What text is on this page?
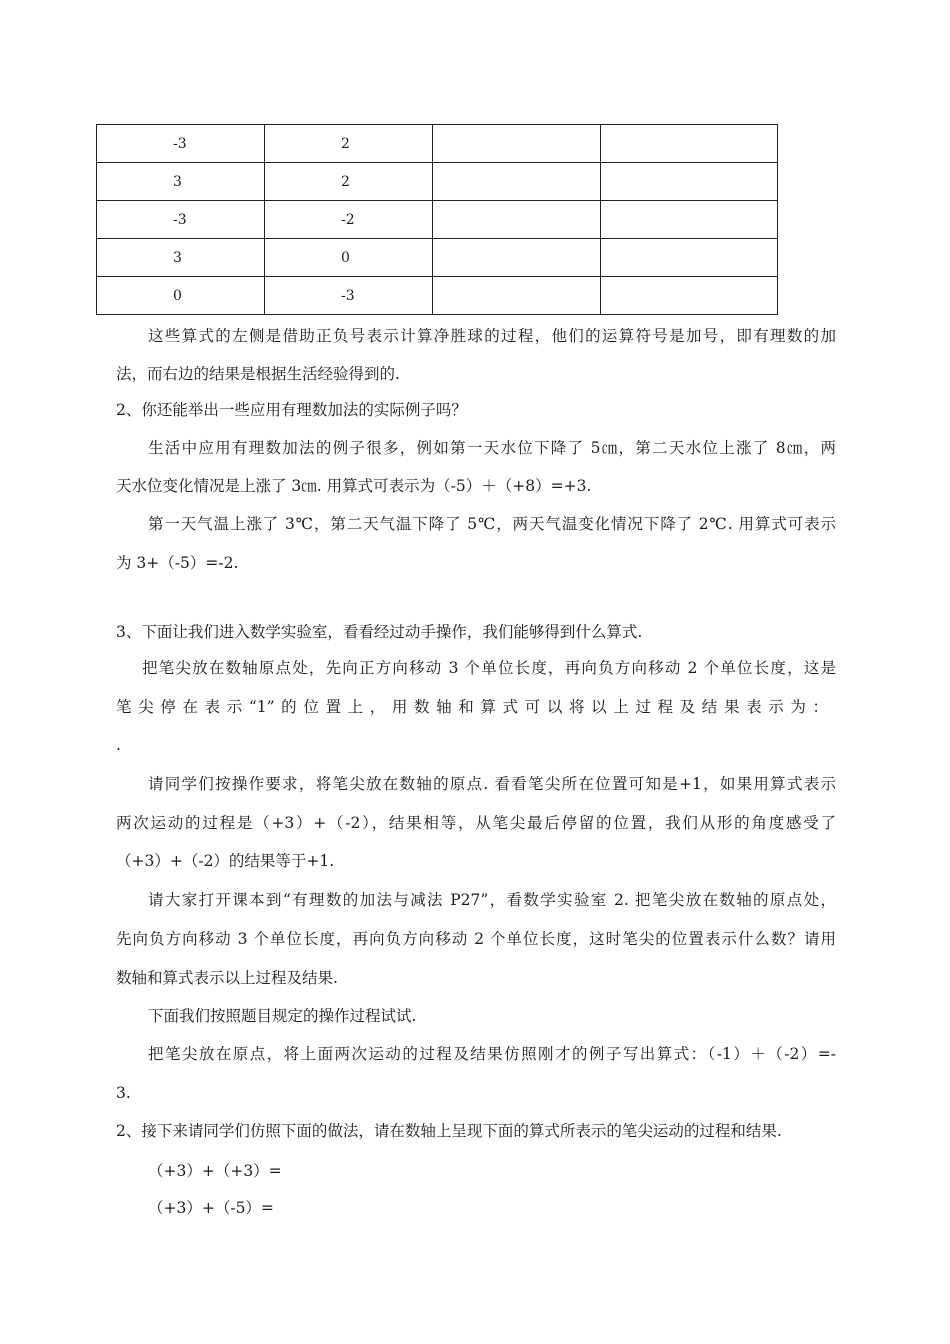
-3	2		
3	2		
-3	-2		
3	0		
0	-3		
这些算式的左侧是借助正负号表示计算净胜球的过程，他们的运算符号是加号，即有理数的加
法，而右边的结果是根据生活经验得到的.
2、你还能举出一些应用有理数加法的实际例子吗？
生活中应用有理数加法的例子很多，例如第一天水位下降了 5㎝，第二天水位上涨了 8㎝，两
天水位变化情况是上涨了 3㎝. 用算式可表示为（-5）＋（+8）=+3.
第一天气温上涨了 3℃，第二天气温下降了 5℃，两天气温变化情况下降了 2℃. 用算式可表示
为 3+（-5）=-2.
3、下面让我们进入数学实验室，看看经过动手操作，我们能够得到什么算式.
把笔尖放在数轴原点处，先向正方向移动 3 个单位长度，再向负方向移动 2 个单位长度，这是
笔尖停在表示“1”的位置上，用数轴和算式可以将以上过程及结果表示为：
.
请同学们按操作要求，将笔尖放在数轴的原点. 看看笔尖所在位置可知是+1，如果用算式表示
两次运动的过程是（+3）+（-2），结果相等，从笔尖最后停留的位置，我们从形的角度感受了
（+3）+（-2）的结果等于+1.
请大家打开课本到“有理数的加法与减法 P27”，看数学实验室 2. 把笔尖放在数轴的原点处，
先向负方向移动 3 个单位长度，再向负方向移动 2 个单位长度，这时笔尖的位置表示什么数？请用
数轴和算式表示以上过程及结果.
下面我们按照题目规定的操作过程试试.
把笔尖放在原点，将上面两次运动的过程及结果仿照刚才的例子写出算式：（-1）＋（-2）=-
3.
2、接下来请同学们仿照下面的做法，请在数轴上呈现下面的算式所表示的笔尖运动的过程和结果.
（+3）+（+3）=
（+3）+（-5）=
